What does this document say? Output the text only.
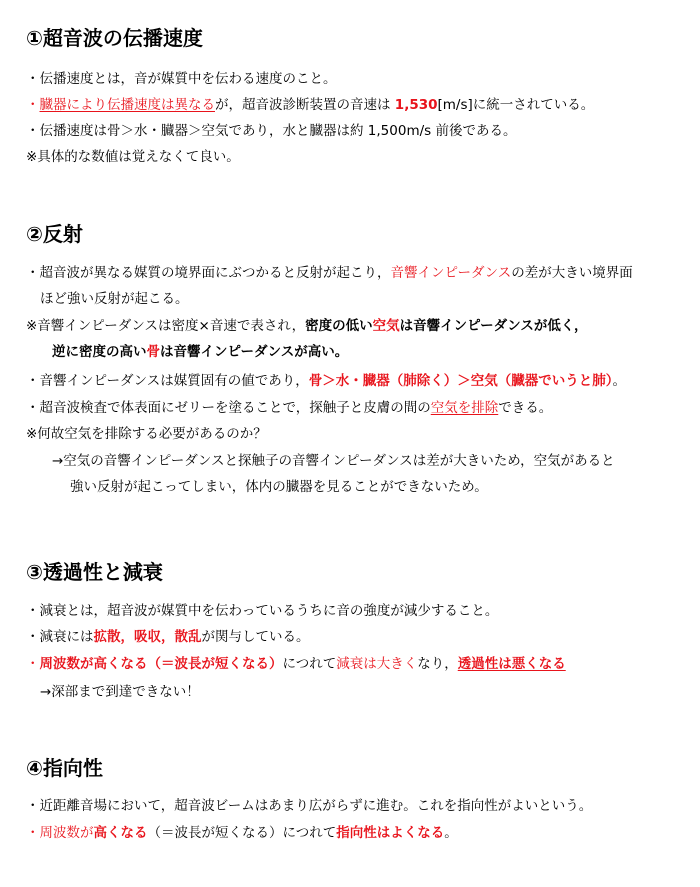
①超音波の伝播速度
・伝播速度とは，音が媒質中を伝わる速度のこと。
・臓器により伝播速度は異なるが，超音波診断装置の音速は 1,530[m/s]に統一されている。
・伝播速度は骨＞水・臓器＞空気であり，水と臓器は約 1,500m/s 前後である。
※具体的な数値は覚えなくて良い。
②反射
・超音波が異なる媒質の境界面にぶつかると反射が起こり，音響インピーダンスの差が大きい境界面
ほど強い反射が起こる。
※音響インピーダンスは密度×音速で表され，密度の低い空気は音響インピーダンスが低く，
逆に密度の高い骨は音響インピーダンスが高い。
・音響インピーダンスは媒質固有の値であり，骨＞水・臓器（肺除く）＞空気（臓器でいうと肺）。
・超音波検査で体表面にゼリーを塗ることで，探触子と皮膚の間の空気を排除できる。
※何故空気を排除する必要があるのか？
→空気の音響インピーダンスと探触子の音響インピーダンスは差が大きいため，空気があると
強い反射が起こってしまい，体内の臓器を見ることができないため。
③透過性と減衰
・減衰とは，超音波が媒質中を伝わっているうちに音の強度が減少すること。
・減衰には拡散，吸収，散乱が関与している。
・周波数が高くなる（＝波長が短くなる）につれて減衰は大きくなり，透過性は悪くなる
→深部まで到達できない！
④指向性
・近距離音場において，超音波ビームはあまり広がらずに進む。これを指向性がよいという。
・周波数が高くなる（＝波長が短くなる）につれて指向性はよくなる。
